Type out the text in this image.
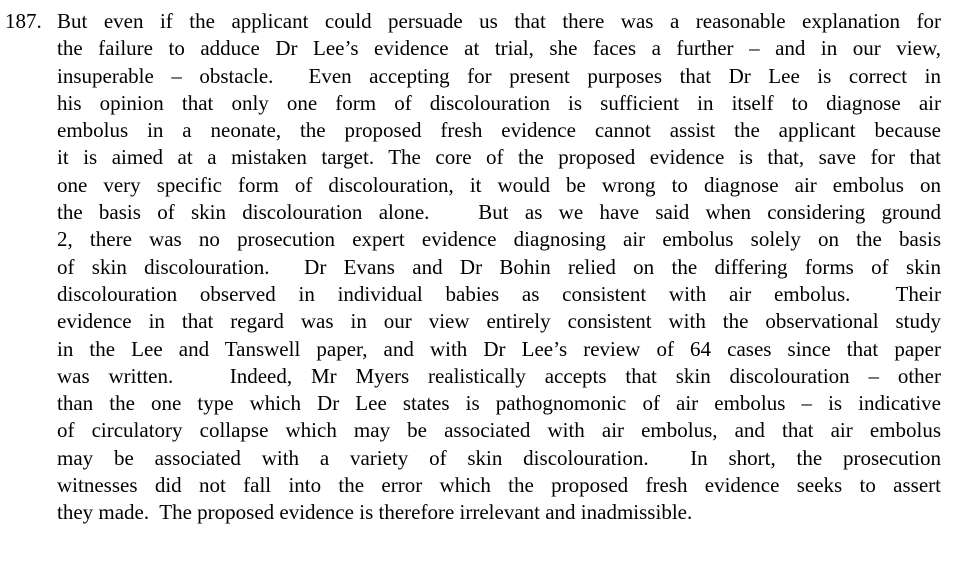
187. But even if the applicant could persuade us that there was a reasonable explanation for
the failure to adduce Dr Lee’s evidence at trial, she faces a further – and in our view,
insuperable – obstacle.  Even accepting for present purposes that Dr Lee is correct in
his opinion that only one form of discolouration is sufficient in itself to diagnose air
embolus in a neonate, the proposed fresh evidence cannot assist the applicant because
it is aimed at a mistaken target. The core of the proposed evidence is that, save for that
one very specific form of discolouration, it would be wrong to diagnose air embolus on
the basis of skin discolouration alone.   But as we have said when considering ground
2, there was no prosecution expert evidence diagnosing air embolus solely on the basis
of skin discolouration.  Dr Evans and Dr Bohin relied on the differing forms of skin
discolouration observed in individual babies as consistent with air embolus.  Their
evidence in that regard was in our view entirely consistent with the observational study
in the Lee and Tanswell paper, and with Dr Lee’s review of 64 cases since that paper
was written.   Indeed, Mr Myers realistically accepts that skin discolouration – other
than the one type which Dr Lee states is pathognomonic of air embolus – is indicative
of circulatory collapse which may be associated with air embolus, and that air embolus
may be associated with a variety of skin discolouration.  In short, the prosecution
witnesses did not fall into the error which the proposed fresh evidence seeks to assert
they made.  The proposed evidence is therefore irrelevant and inadmissible.
